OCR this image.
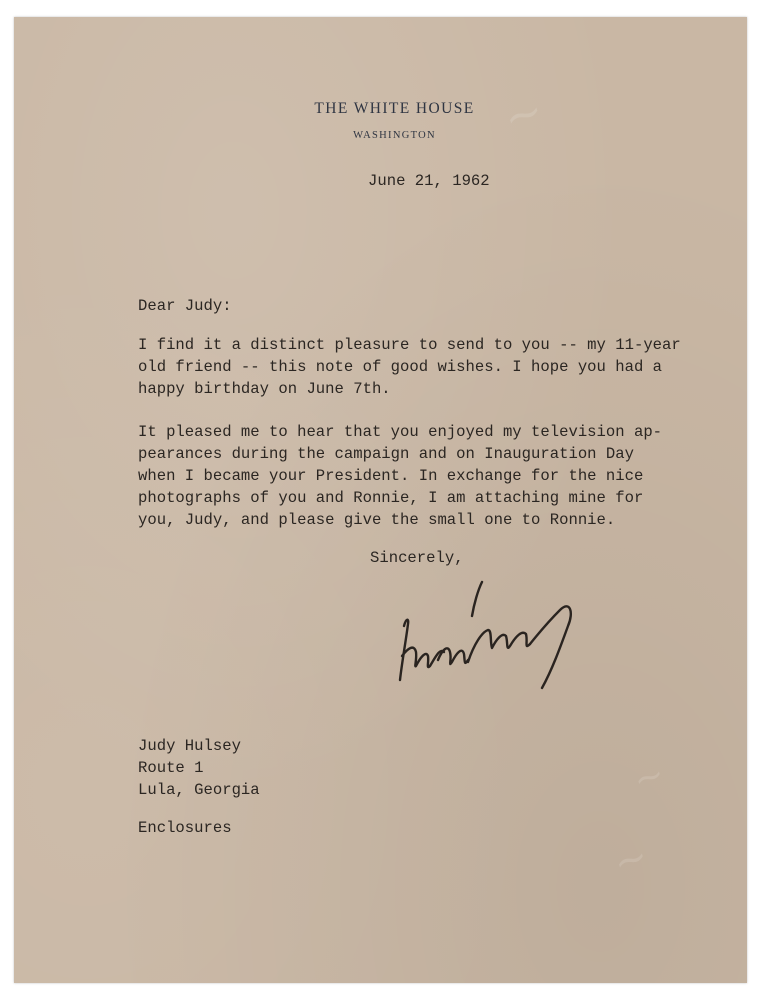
~
~
~
THE WHITE HOUSE
WASHINGTON
June 21, 1962
Dear Judy:
I find it a distinct pleasure to send to you -- my 11-year
old friend -- this note of good wishes. I hope you had a
happy birthday on June 7th.
It pleased me to hear that you enjoyed my television ap-
pearances during the campaign and on Inauguration Day
when I became your President. In exchange for the nice
photographs of you and Ronnie, I am attaching mine for
you, Judy, and please give the small one to Ronnie.
Sincerely,
Judy Hulsey
Route 1
Lula, Georgia
Enclosures
